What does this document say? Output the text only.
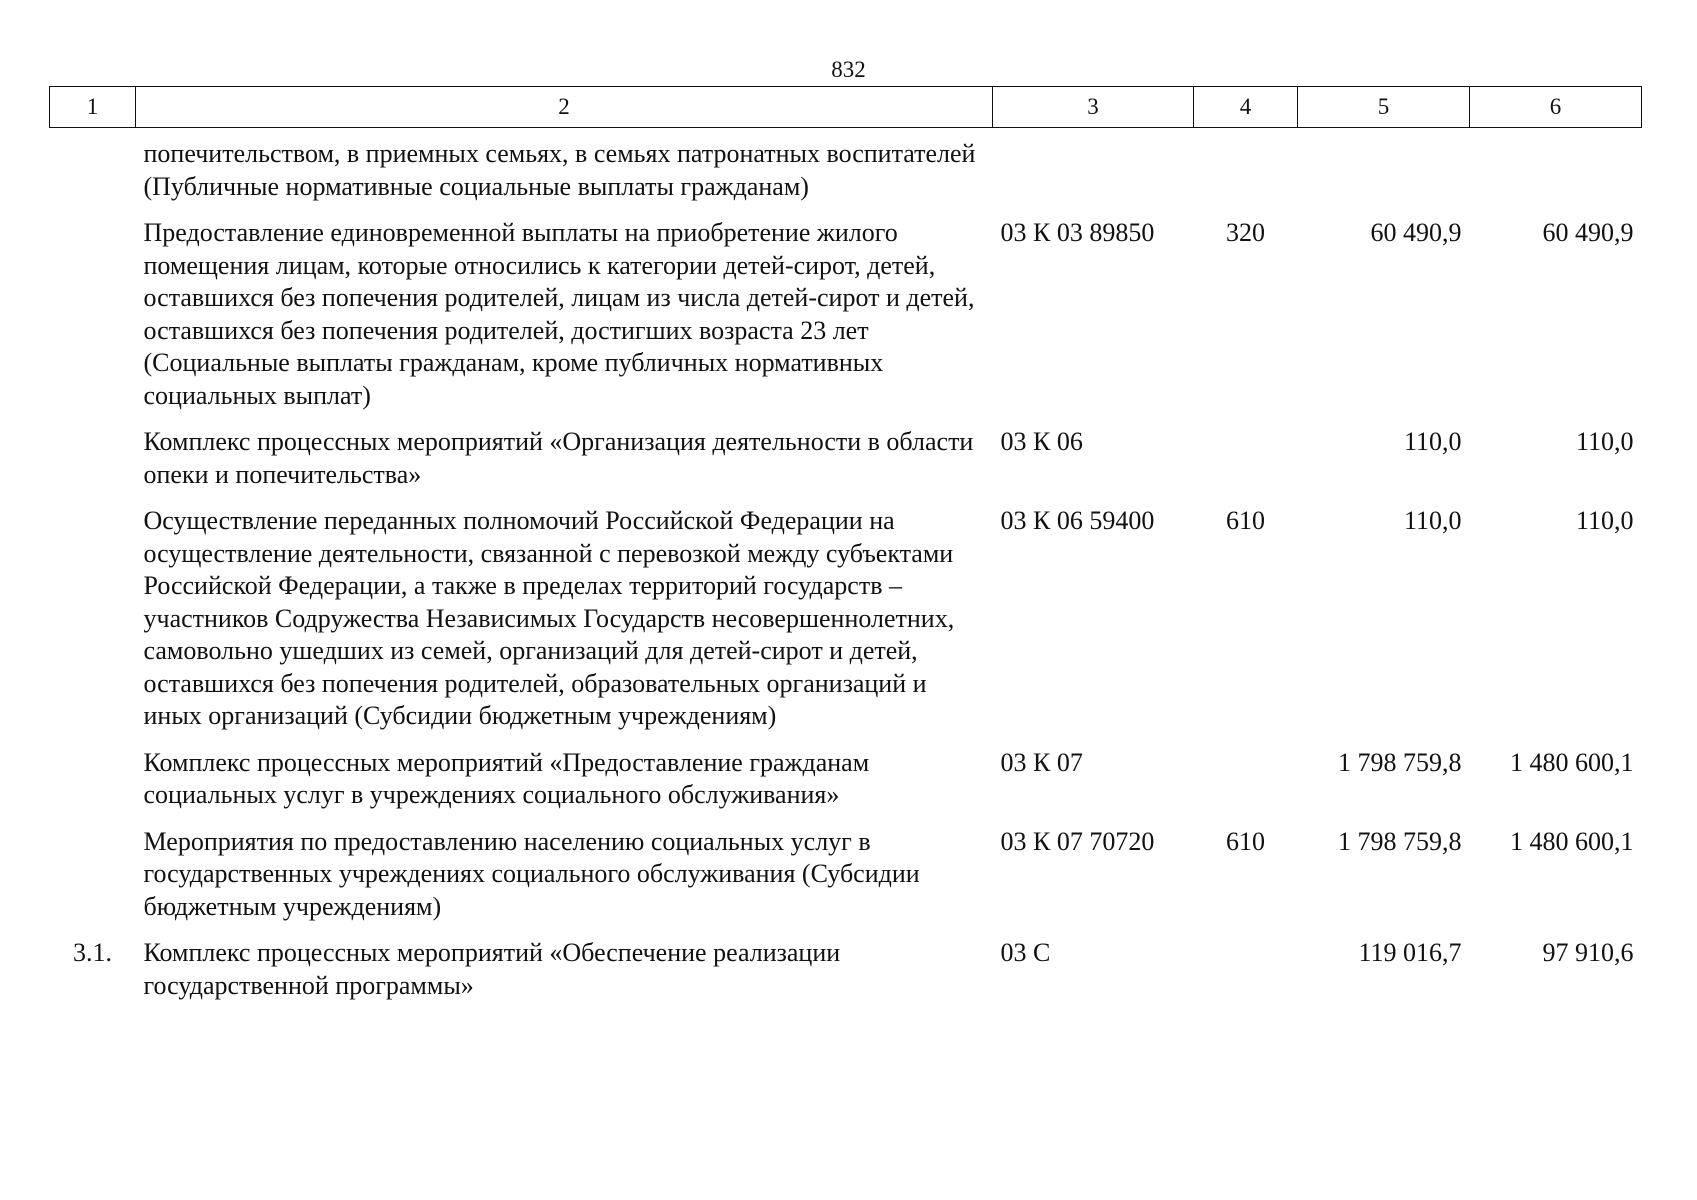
832
1	2	3	4	5	6
	попечительством, в приемных семьях, в семьях патронатных воспитателей (Публичные нормативные социальные выплаты гражданам)				
	Предоставление единовременной выплаты на приобретение жилого помещения лицам, которые относились к категории детей-сирот, детей, оставшихся без попечения родителей, лицам из числа детей-сирот и детей, оставшихся без попечения родителей, достигших возраста 23 лет (Социальные выплаты гражданам, кроме публичных нормативных социальных выплат)	03 К 03 89850	320	60 490,9	60 490,9
	Комплекс процессных мероприятий «Организация деятельности в области опеки и попечительства»	03 К 06		110,0	110,0
	Осуществление переданных полномочий Российской Федерации на осуществление деятельности, связанной с перевозкой между субъектами Российской Федерации, а также в пределах территорий государств – участников Содружества Независимых Государств несовершеннолетних, самовольно ушедших из семей, организаций для детей-сирот и детей, оставшихся без попечения родителей, образовательных организаций и иных организаций (Субсидии бюджетным учреждениям)	03 К 06 59400	610	110,0	110,0
	Комплекс процессных мероприятий «Предоставление гражданам социальных услуг в учреждениях социального обслуживания»	03 К 07		1 798 759,8	1 480 600,1
	Мероприятия по предоставлению населению социальных услуг в государственных учреждениях социального обслуживания (Субсидии бюджетным учреждениям)	03 К 07 70720	610	1 798 759,8	1 480 600,1
3.1.	Комплекс процессных мероприятий «Обеспечение реализации государственной программы»	03 С		119 016,7	97 910,6
